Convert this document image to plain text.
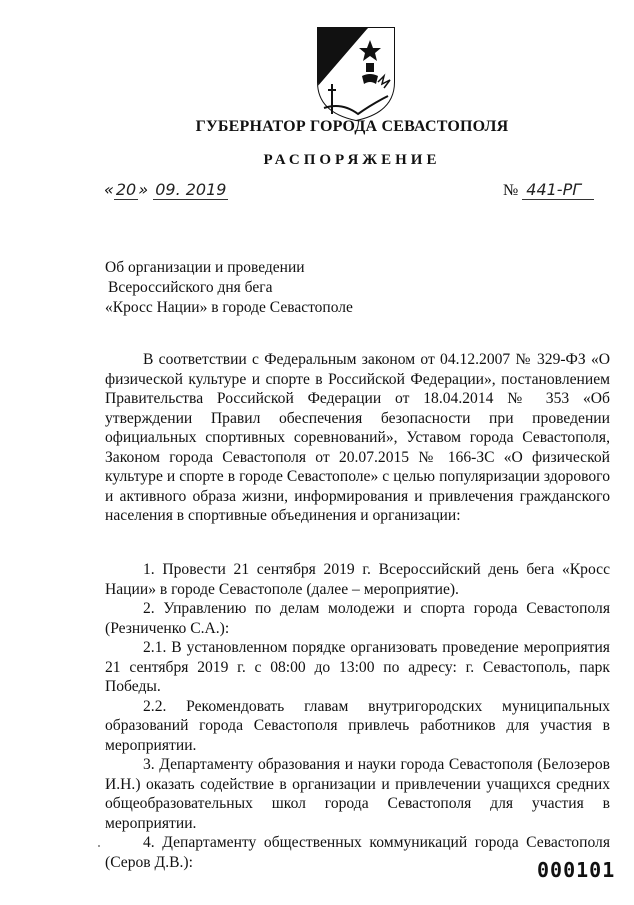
ГУБЕРНАТОР ГОРОДА СЕВАСТОПОЛЯ
РАСПОРЯЖЕНИЕ
« 20 » 09. 2019	№ 441-РГ
Об организации и проведении
Всероссийского дня бега
«Кросс Нации» в городе Севастополе

В соответствии с Федеральным законом от 04.12.2007 № 329-ФЗ «О физической культуре и спорте в Российской Федерации», постановлением Правительства Российской Федерации от 18.04.2014 № 353 «Об утверждении Правил обеспечения безопасности при проведении официальных спортивных соревнований», Уставом города Севастополя, Законом города Севастополя от 20.07.2015 № 166-ЗС «О физической культуре и спорте в городе Севастополе» с целью популяризации здорового и активного образа жизни, информирования и привлечения гражданского населения в спортивные объединения и организации:

1. Провести 21 сентября 2019 г. Всероссийский день бега «Кросс Нации» в городе Севастополе (далее – мероприятие).

2. Управлению по делам молодежи и спорта города Севастополя (Резниченко С.А.):

2.1. В установленном порядке организовать проведение мероприятия 21 сентября 2019 г. с 08:00 до 13:00 по адресу: г. Севастополь, парк Победы.

2.2. Рекомендовать главам внутригородских муниципальных образований города Севастополя привлечь работников для участия в мероприятии.

3. Департаменту образования и науки города Севастополя (Белозеров И.Н.) оказать содействие в организации и привлечении учащихся средних общеобразовательных школ города Севастополя для участия в мероприятии.

4. Департаменту общественных коммуникаций города Севастополя (Серов Д.В.):	000101
